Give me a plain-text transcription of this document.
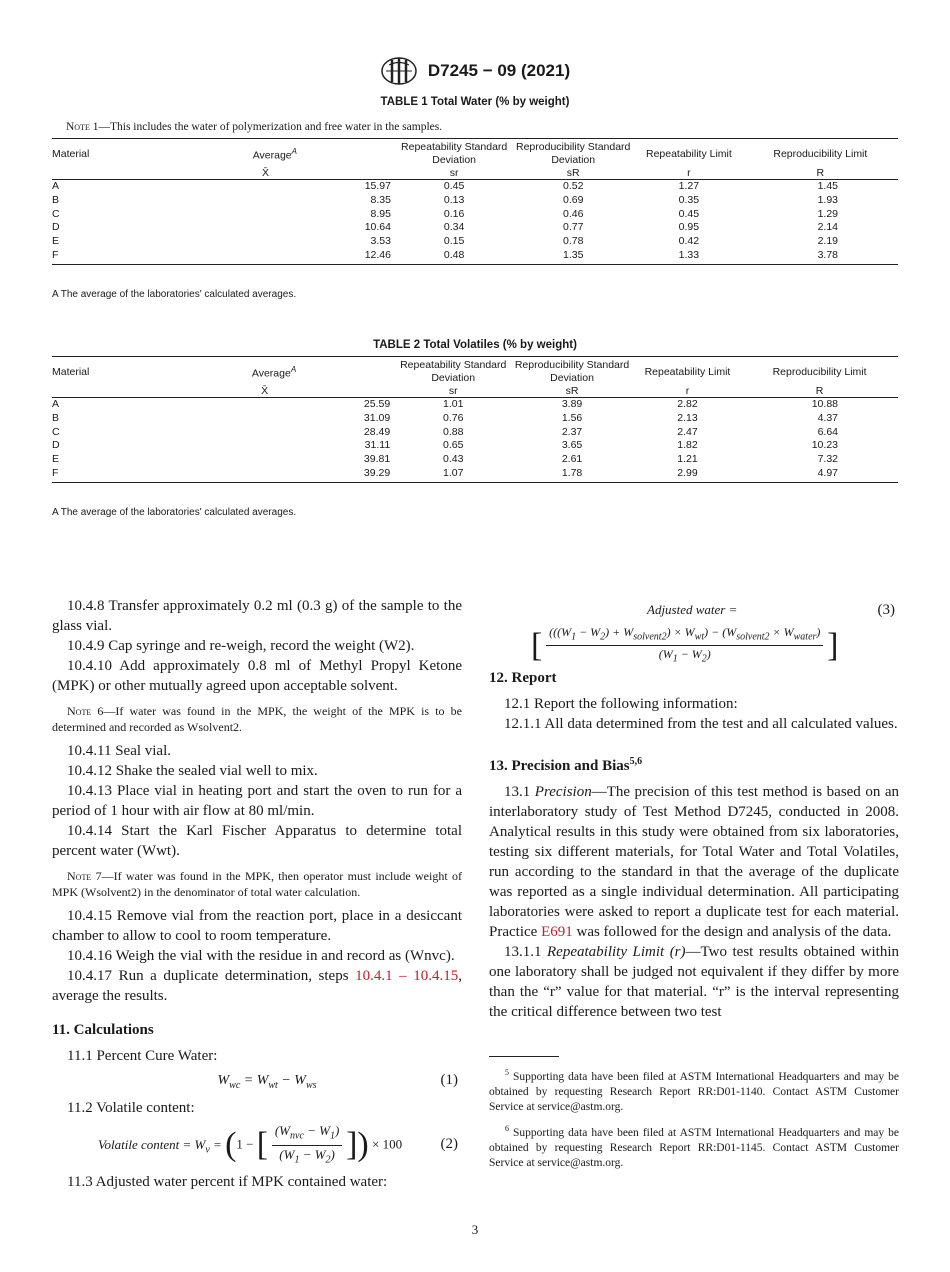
D7245 − 09 (2021)
TABLE 1 Total Water (% by weight)
Note 1—This includes the water of polymerization and free water in the samples.
Material	Average$^A$	Repeatability Standard Deviation	Reproducibility Standard Deviation	Repeatability Limit	Reproducibility Limit
	X̄	sr	sR	r	R
A	15.97	0.45	0.52	1.27	1.45
B	8.35	0.13	0.69	0.35	1.93
C	8.95	0.16	0.46	0.45	1.29
D	10.64	0.34	0.77	0.95	2.14
E	3.53	0.15	0.78	0.42	2.19
F	12.46	0.48	1.35	1.33	3.78
A The average of the laboratories' calculated averages.
TABLE 2 Total Volatiles (% by weight)
Material	Average$^A$	Repeatability Standard Deviation	Reproducibility Standard Deviation	Repeatability Limit	Reproducibility Limit
	X̄	sr	sR	r	R
A	25.59	1.01	3.89	2.82	10.88
B	31.09	0.76	1.56	2.13	4.37
C	28.49	0.88	2.37	2.47	6.64
D	31.11	0.65	3.65	1.82	10.23
E	39.81	0.43	2.61	1.21	7.32
F	39.29	1.07	1.78	2.99	4.97
A The average of the laboratories' calculated averages.

10.4.8 Transfer approximately 0.2 ml (0.3 g) of the sample to the glass vial.

10.4.9 Cap syringe and re-weigh, record the weight (W2).

10.4.10 Add approximately 0.8 ml of Methyl Propyl Ketone (MPK) or other mutually agreed upon acceptable solvent.

Note 6—If water was found in the MPK, the weight of the MPK is to be determined and recorded as Wsolvent2.

10.4.11 Seal vial.

10.4.12 Shake the sealed vial well to mix.

10.4.13 Place vial in heating port and start the oven to run for a period of 1 hour with air flow at 80 ml/min.

10.4.14 Start the Karl Fischer Apparatus to determine total percent water (Wwt).

Note 7—If water was found in the MPK, then operator must include weight of MPK (Wsolvent2) in the denominator of total water calculation.

10.4.15 Remove vial from the reaction port, place in a desiccant chamber to allow to cool to room temperature.

10.4.16 Weigh the vial with the residue in and record as (Wnvc).

10.4.17 Run a duplicate determination, steps 10.4.1 – 10.4.15, average the results.

11. Calculations

11.1 Percent Cure Water:

$W_{wc} = W_{wt} - W_{ws}$	(1)

11.2 Volatile content:

Volatile content = $W_v = (1$ − [ $\frac{(W_{nvc} - W_1)}{(W_1 - W_2)}$ ]) × 100	(2)

11.3 Adjusted water percent if MPK contained water:

Adjusted water =	(3)
[ $\frac{(((W_1 - W_2) + W_{solvent2}) \times W_{wt}) - (W_{solvent2} \times W_{water})}{(W_1 - W_2)}$ ]

12. Report

12.1 Report the following information:

12.1.1 All data determined from the test and all calculated values.

13. Precision and Bias$^{5,6}$

13.1 Precision—The precision of this test method is based on an interlaboratory study of Test Method D7245, conducted in 2008. Analytical results in this study were obtained from six laboratories, testing six different materials, for Total Water and Total Volatiles, run according to the standard in that the average of the duplicate was reported as a single individual determination. All participating laboratories were asked to report a duplicate test for each material. Practice E691 was followed for the design and analysis of the data.

13.1.1 Repeatability Limit (r)—Two test results obtained within one laboratory shall be judged not equivalent if they differ by more than the “r” value for that material. “r” is the interval representing the critical difference between two test

$^5$ Supporting data have been filed at ASTM International Headquarters and may be obtained by requesting Research Report RR:D01-1140. Contact ASTM Customer Service at service@astm.org.

$^6$ Supporting data have been filed at ASTM International Headquarters and may be obtained by requesting Research Report RR:D01-1145. Contact ASTM Customer Service at service@astm.org.

3
